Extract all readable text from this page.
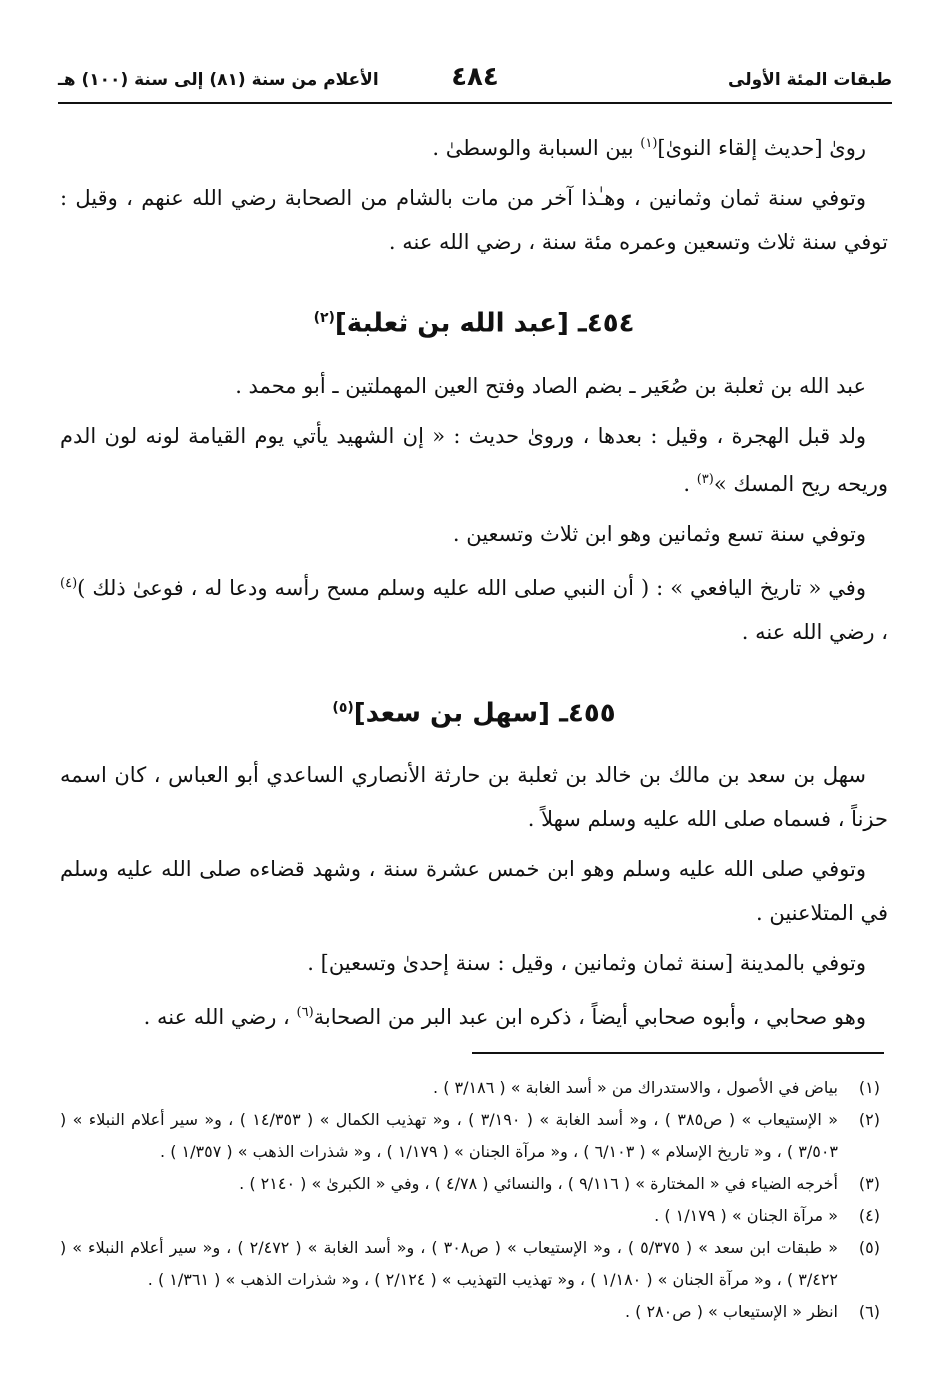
طبقات المئة الأولى
٤٨٤
الأعلام من سنة (٨١) إلى سنة (١٠٠) هـ

روىٰ [حديث إلقاء النوىٰ]$^{(١)}$ بين السبابة والوسطىٰ .

وتوفي سنة ثمان وثمانين ، وهـٰذا آخر من مات بالشام من الصحابة رضي الله عنهم ، وقيل : توفي سنة ثلاث وتسعين وعمره مئة سنة ، رضي الله عنه .

٤٥٤ـ [عبد الله بن ثعلبة]$^{(٢)}$

عبد الله بن ثعلبة بن صُعَير ـ بضم الصاد وفتح العين المهملتين ـ أبو محمد .

ولد قبل الهجرة ، وقيل : بعدها ، وروىٰ حديث : « إن الشهيد يأتي يوم القيامة لونه لون الدم وريحه ريح المسك »$^{(٣)}$ .

وتوفي سنة تسع وثمانين وهو ابن ثلاث وتسعين .

وفي « تاريخ اليافعي » : ( أن النبي صلى الله عليه وسلم مسح رأسه ودعا له ، فوعىٰ ذلك )$^{(٤)}$ ، رضي الله عنه .

٤٥٥ـ [سهل بن سعد]$^{(٥)}$

سهل بن سعد بن مالك بن خالد بن ثعلبة بن حارثة الأنصاري الساعدي أبو العباس ، كان اسمه حزناً ، فسماه صلى الله عليه وسلم سهلاً .

وتوفي صلى الله عليه وسلم وهو ابن خمس عشرة سنة ، وشهد قضاءه صلى الله عليه وسلم في المتلاعنين .

وتوفي بالمدينة [سنة ثمان وثمانين ، وقيل : سنة إحدىٰ وتسعين] .

وهو صحابي ، وأبوه صحابي أيضاً ، ذكره ابن عبد البر من الصحابة$^{(٦)}$ ، رضي الله عنه .

(١)
بياض في الأصول ، والاستدراك من « أسد الغابة » ( ٣/١٨٦ ) .
(٢)
« الإستيعاب » ( ص٣٨٥ ) ، و« أسد الغابة » ( ٣/١٩٠ ) ، و« تهذيب الكمال » ( ١٤/٣٥٣ ) ، و« سير أعلام النبلاء » ( ٣/٥٠٣ ) ، و« تاريخ الإسلام » ( ٦/١٠٣ ) ، و« مرآة الجنان » ( ١/١٧٩ ) ، و« شذرات الذهب » ( ١/٣٥٧ ) .
(٣)
أخرجه الضياء في « المختارة » ( ٩/١١٦ ) ، والنسائي ( ٤/٧٨ ) ، وفي « الكبرىٰ » ( ٢١٤٠ ) .
(٤)
« مرآة الجنان » ( ١/١٧٩ ) .
(٥)
« طبقات ابن سعد » ( ٥/٣٧٥ ) ، و« الإستيعاب » ( ص٣٠٨ ) ، و« أسد الغابة » ( ٢/٤٧٢ ) ، و« سير أعلام النبلاء » ( ٣/٤٢٢ ) ، و« مرآة الجنان » ( ١/١٨٠ ) ، و« تهذيب التهذيب » ( ٢/١٢٤ ) ، و« شذرات الذهب » ( ١/٣٦١ ) .
(٦)
انظر « الإستيعاب » ( ص٢٨٠ ) .
